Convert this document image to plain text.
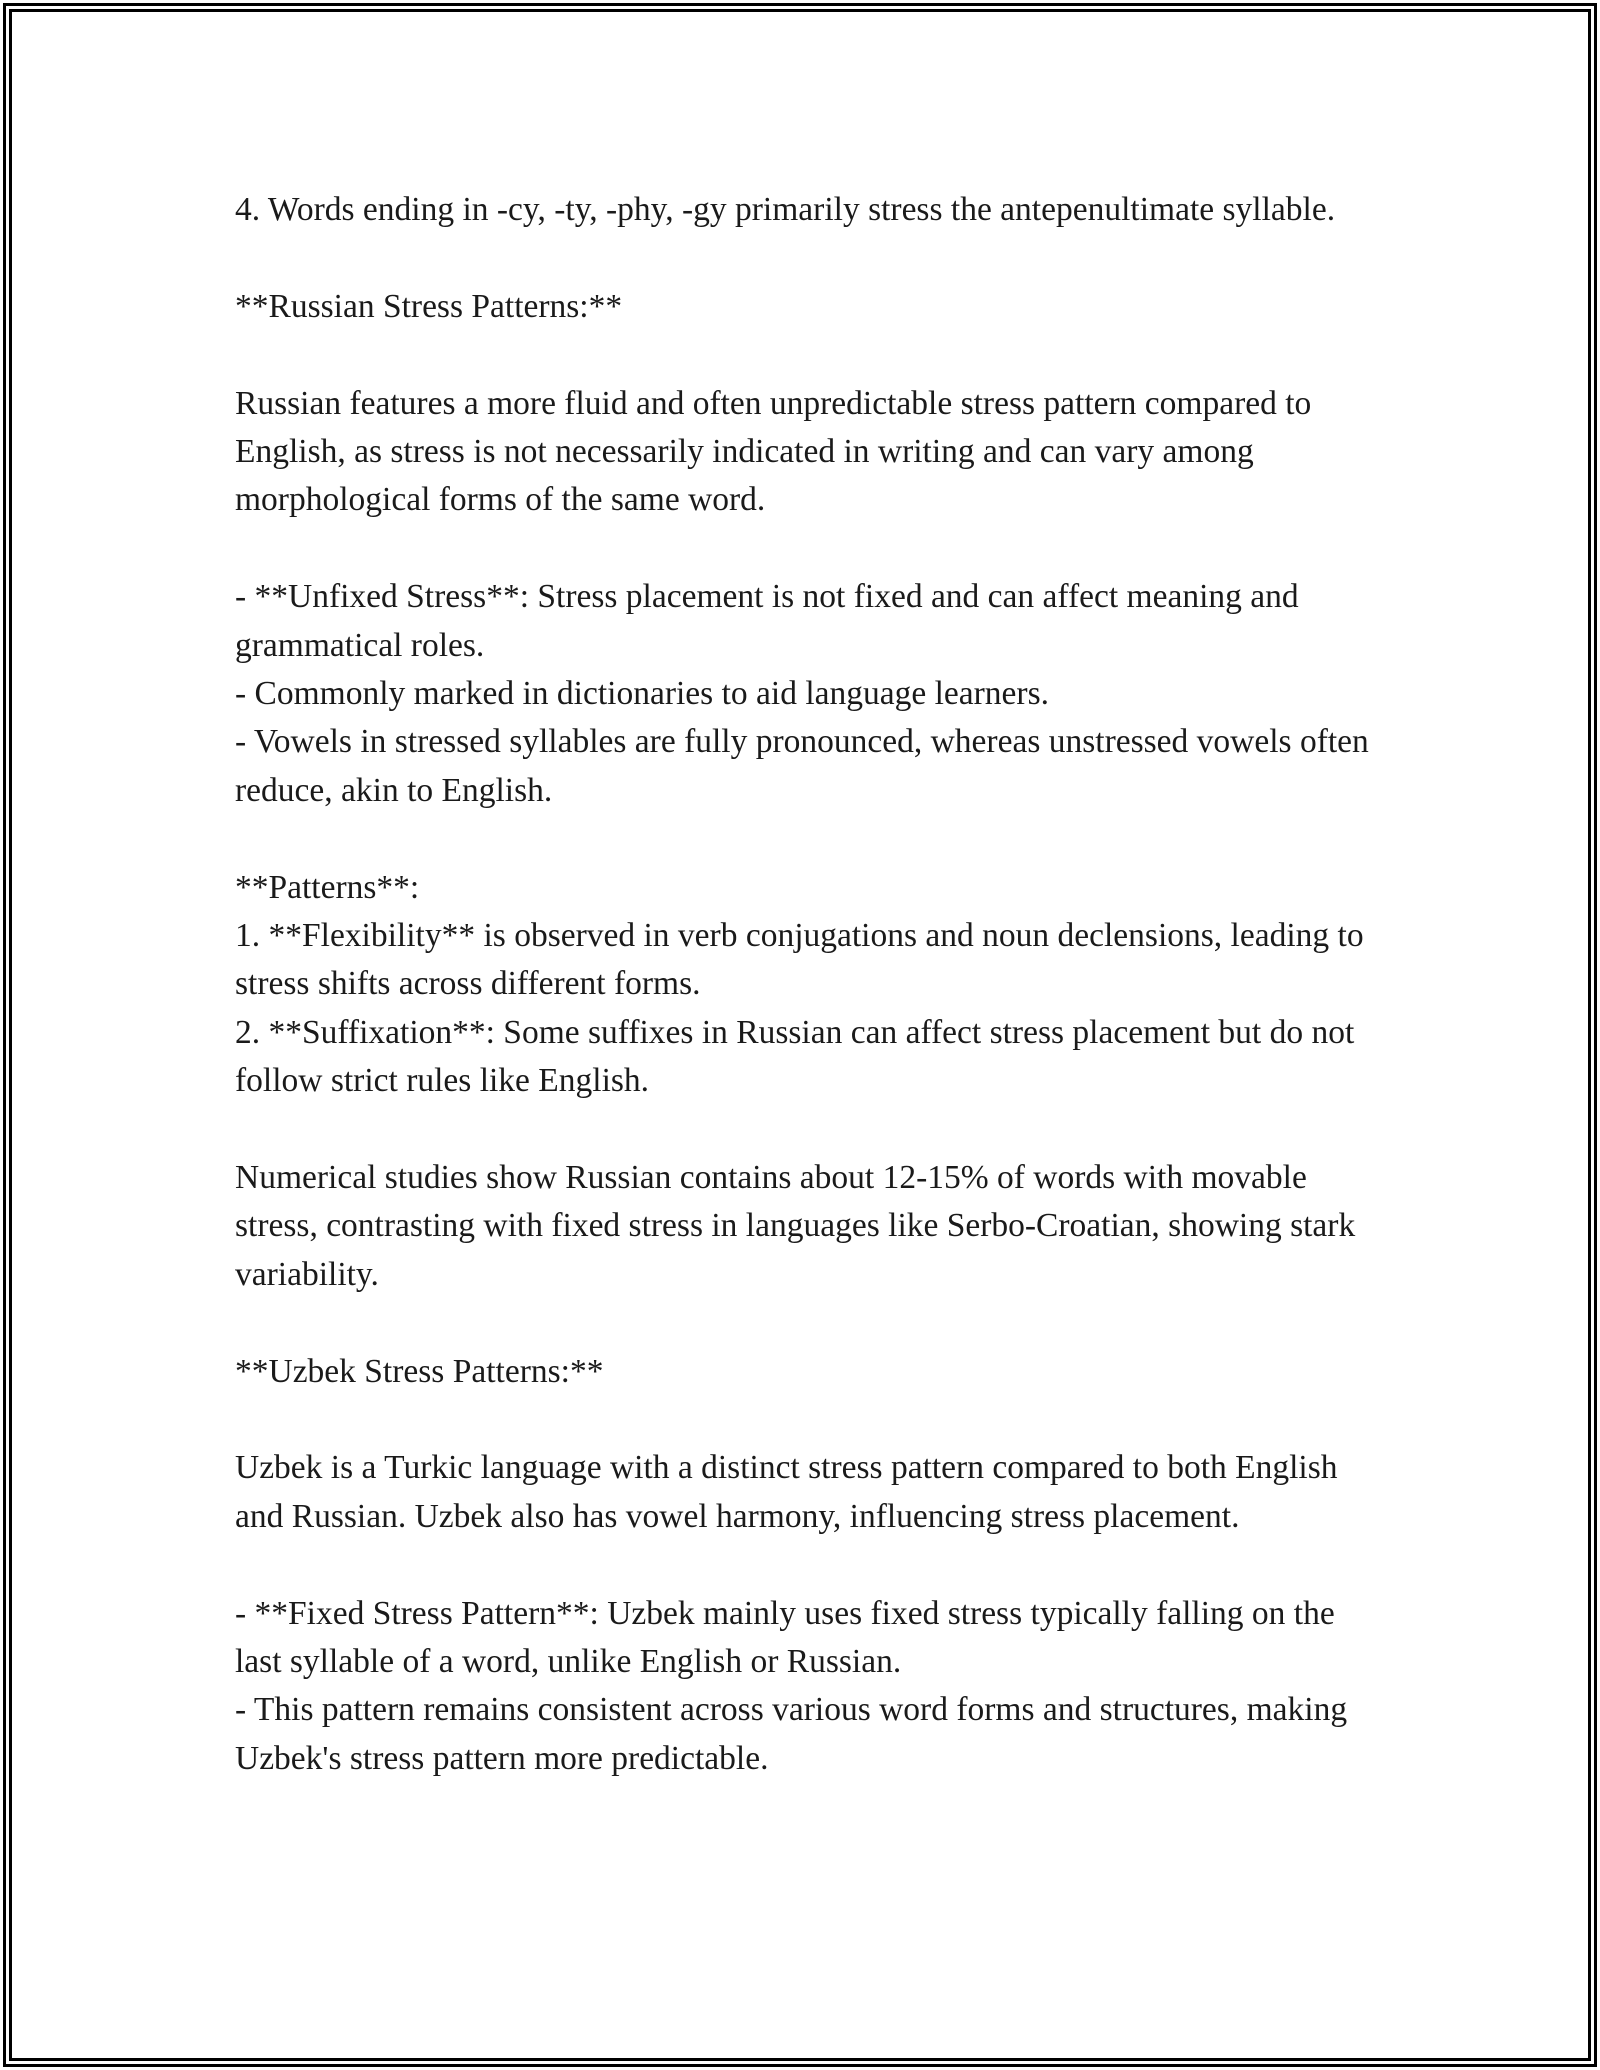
4. Words ending in -cy, -ty, -phy, -gy primarily stress the antepenultimate syllable.

**Russian Stress Patterns:**

Russian features a more fluid and often unpredictable stress pattern compared to English, as stress is not necessarily indicated in writing and can vary among morphological forms of the same word.

- **Unfixed Stress**: Stress placement is not fixed and can affect meaning and grammatical roles.
- Commonly marked in dictionaries to aid language learners.
- Vowels in stressed syllables are fully pronounced, whereas unstressed vowels often reduce, akin to English.

**Patterns**:
1. **Flexibility** is observed in verb conjugations and noun declensions, leading to stress shifts across different forms.
2. **Suffixation**: Some suffixes in Russian can affect stress placement but do not follow strict rules like English.

Numerical studies show Russian contains about 12-15% of words with movable stress, contrasting with fixed stress in languages like Serbo-Croatian, showing stark variability.

**Uzbek Stress Patterns:**

Uzbek is a Turkic language with a distinct stress pattern compared to both English and Russian. Uzbek also has vowel harmony, influencing stress placement.

- **Fixed Stress Pattern**: Uzbek mainly uses fixed stress typically falling on the last syllable of a word, unlike English or Russian.
- This pattern remains consistent across various word forms and structures, making Uzbek's stress pattern more predictable.
